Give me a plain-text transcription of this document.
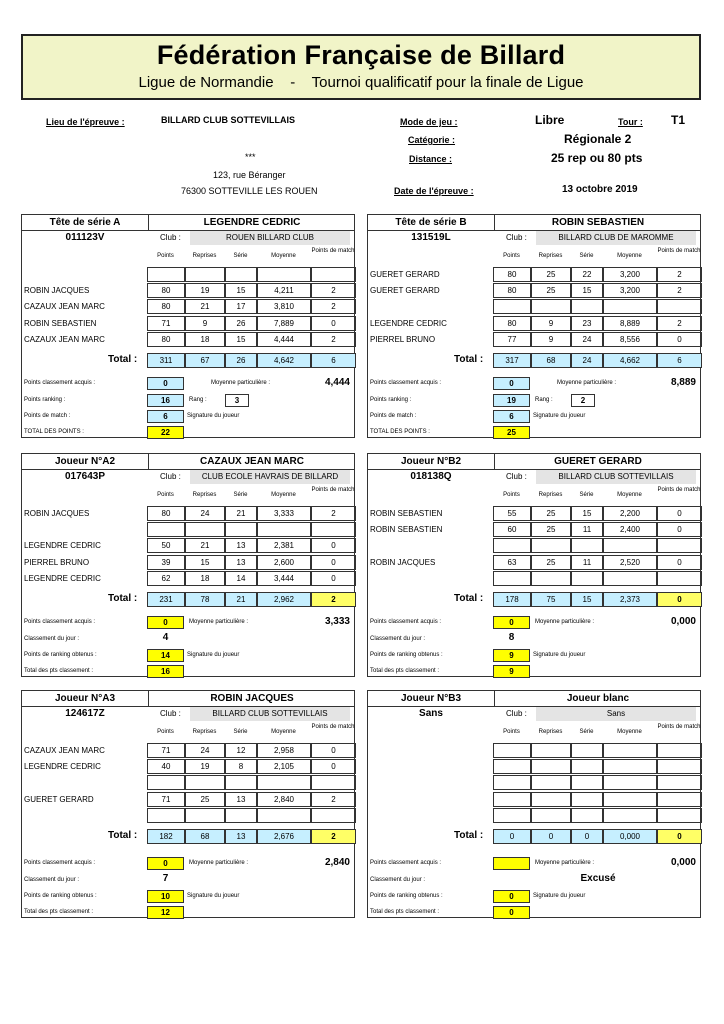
Fédération Française de Billard
Ligue de Normandie - Tournoi qualificatif pour la finale de Ligue
Lieu de l'épreuve :	BILLARD CLUB SOTTEVILLAIS
***
123, rue Béranger
76300 SOTTEVILLE LES ROUEN
Mode de jeu :	Libre	Tour : T1
Catégorie :	Régionale 2
Distance :	25 rep ou 80 pts
Date de l'épreuve :	13 octobre 2019
Tête de série A	LEGENDRE CEDRIC
011123V	Club :	ROUEN BILLARD CLUB
Points	Reprises	Série	Moyenne
Points de match
ROBIN JACQUES	80	19	15	4,211	2
CAZAUX JEAN MARC	80	21	17	3,810	2
ROBIN SEBASTIEN	71	9	26	7,889	0
CAZAUX JEAN MARC	80	18	15	4,444	2
Total :	311	67	26	4,642	6
Points classement acquis :	0	Moyenne particulière :	4,444
Points ranking :	16	Rang :	3
Points de match :	6	Signature du joueur
TOTAL DES POINTS :	22
Tête de série B	ROBIN SEBASTIEN
131519L	Club :	BILLARD CLUB DE MAROMME
Points	Reprises	Série	Moyenne
Points de match
GUERET GERARD	80	25	22	3,200	2
GUERET GERARD	80	25	15	3,200	2
LEGENDRE CEDRIC	80	9	23	8,889	2
PIERREL BRUNO	77	9	24	8,556	0
Total :	317	68	24	4,662	6
Points classement acquis :	0	Moyenne particulière :	8,889
Points ranking :	19	Rang :	2
Points de match :	6	Signature du joueur
TOTAL DES POINTS :	25
Joueur N°A2	CAZAUX JEAN MARC
017643P	Club :	CLUB ECOLE HAVRAIS DE BILLARD
Points	Reprises	Série	Moyenne
Points de match
ROBIN JACQUES	80	24	21	3,333	2
LEGENDRE CEDRIC	50	21	13	2,381	0
PIERREL BRUNO	39	15	13	2,600	0
LEGENDRE CEDRIC	62	18	14	3,444	0
Total :	231	78	21	2,962	2
Points classement acquis :	0	Moyenne particulière :	3,333
Classement du jour :	4
Points de ranking obtenus :	14	Signature du joueur
Total des pts classement :	16
Joueur N°B2	GUERET GERARD
018138Q	Club :	BILLARD CLUB SOTTEVILLAIS
Points	Reprises	Série	Moyenne
Points de match
ROBIN SEBASTIEN	55	25	15	2,200	0
ROBIN SEBASTIEN	60	25	11	2,400	0
ROBIN JACQUES	63	25	11	2,520	0
Total :	178	75	15	2,373	0
Points classement acquis :	0	Moyenne particulière :	0,000
Classement du jour :	8
Points de ranking obtenus :	9	Signature du joueur
Total des pts classement :	9
Joueur N°A3	ROBIN JACQUES
124617Z	Club :	BILLARD CLUB SOTTEVILLAIS
Points	Reprises	Série	Moyenne
Points de match
CAZAUX JEAN MARC	71	24	12	2,958	0
LEGENDRE CEDRIC	40	19	8	2,105	0
GUERET GERARD	71	25	13	2,840	2
Total :	182	68	13	2,676	2
Points classement acquis :	0	Moyenne particulière :	2,840
Classement du jour :	7
Points de ranking obtenus :	10	Signature du joueur
Total des pts classement :	12
Joueur N°B3	Joueur blanc
Sans	Club :	Sans
Points	Reprises	Série	Moyenne
Points de match
Total :	0	0	0	0,000	0
Points classement acquis :	Moyenne particulière :	0,000
Classement du jour :	Excusé
Points de ranking obtenus :	0	Signature du joueur
Total des pts classement :	0
